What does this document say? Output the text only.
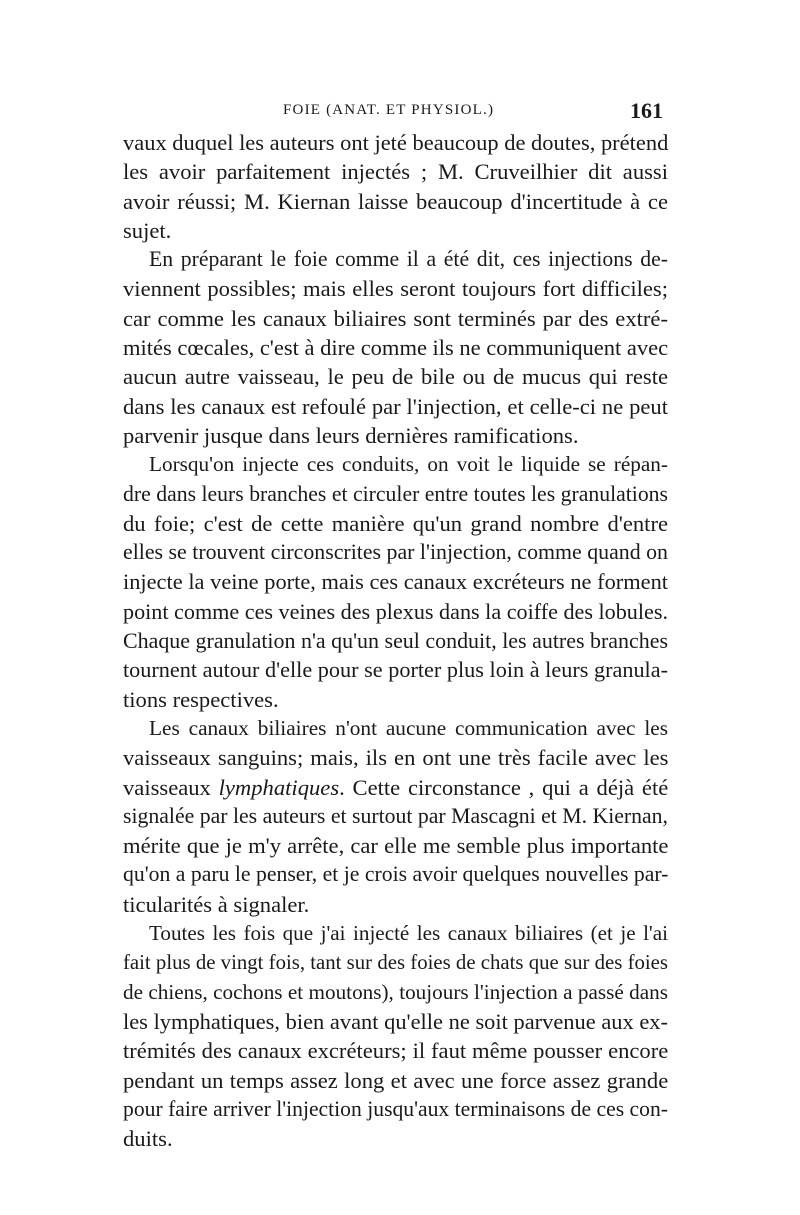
FOIE (ANAT. ET PHYSIOL.)	161

vaux duquel les auteurs ont jeté beaucoup de doutes, prétend
les avoir parfaitement injectés ; M. Cruveilhier dit aussi
avoir réussi; M. Kiernan laisse beaucoup d'incertitude à ce
sujet.

En préparant le foie comme il a été dit, ces injections de-
viennent possibles; mais elles seront toujours fort difficiles;
car comme les canaux biliaires sont terminés par des extré-
mités cœcales, c'est à dire comme ils ne communiquent avec
aucun autre vaisseau, le peu de bile ou de mucus qui reste
dans les canaux est refoulé par l'injection, et celle-ci ne peut
parvenir jusque dans leurs dernières ramifications.

Lorsqu'on injecte ces conduits, on voit le liquide se répan-
dre dans leurs branches et circuler entre toutes les granulations
du foie; c'est de cette manière qu'un grand nombre d'entre
elles se trouvent circonscrites par l'injection, comme quand on
injecte la veine porte, mais ces canaux excréteurs ne forment
point comme ces veines des plexus dans la coiffe des lobules.
Chaque granulation n'a qu'un seul conduit, les autres branches
tournent autour d'elle pour se porter plus loin à leurs granula-
tions respectives.

Les canaux biliaires n'ont aucune communication avec les
vaisseaux sanguins; mais, ils en ont une très facile avec les
vaisseaux lymphatiques. Cette circonstance , qui a déjà été
signalée par les auteurs et surtout par Mascagni et M. Kiernan,
mérite que je m'y arrête, car elle me semble plus importante
qu'on a paru le penser, et je crois avoir quelques nouvelles par-
ticularités à signaler.

Toutes les fois que j'ai injecté les canaux biliaires (et je l'ai
fait plus de vingt fois, tant sur des foies de chats que sur des foies
de chiens, cochons et moutons), toujours l'injection a passé dans
les lymphatiques, bien avant qu'elle ne soit parvenue aux ex-
trémités des canaux excréteurs; il faut même pousser encore
pendant un temps assez long et avec une force assez grande
pour faire arriver l'injection jusqu'aux terminaisons de ces con-
duits.
